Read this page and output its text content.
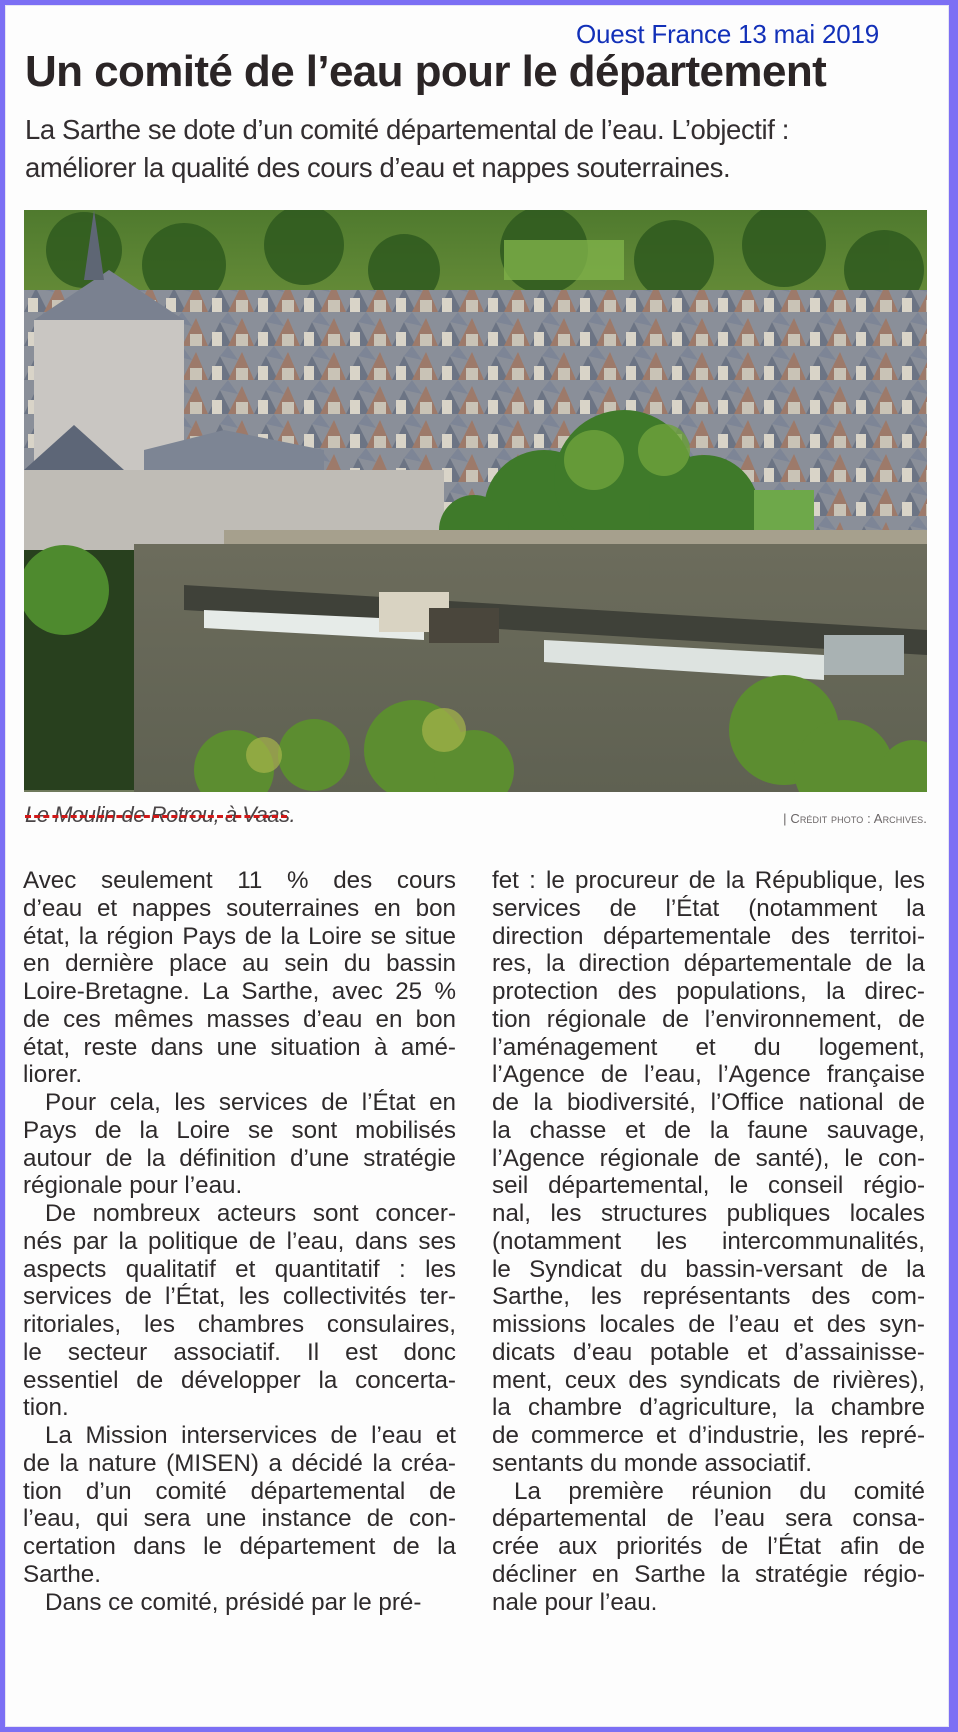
Ouest France 13 mai 2019
Un comité de l’eau pour le département
La Sarthe se dote d’un comité départemental de l’eau. L’objectif :
améliorer la qualité des cours d’eau et nappes souterraines.
Le Moulin de Rotrou, à Vaas.	| Crédit photo : Archives.
Avec seulement 11 % des cours
d’eau et nappes souterraines en bon
état, la région Pays de la Loire se situe
en dernière place au sein du bassin
Loire-Bretagne. La Sarthe, avec 25 %
de ces mêmes masses d’eau en bon
état, reste dans une situation à amé-
liorer.
Pour cela, les services de l’État en
Pays de la Loire se sont mobilisés
autour de la définition d’une stratégie
régionale pour l’eau.
De nombreux acteurs sont concer-
nés par la politique de l’eau, dans ses
aspects qualitatif et quantitatif : les
services de l’État, les collectivités ter-
ritoriales, les chambres consulaires,
le secteur associatif. Il est donc
essentiel de développer la concerta-
tion.
La Mission interservices de l’eau et
de la nature (MISEN) a décidé la créa-
tion d’un comité départemental de
l’eau, qui sera une instance de con-
certation dans le département de la
Sarthe.
Dans ce comité, présidé par le pré-
fet : le procureur de la République, les
services de l’État (notamment la
direction départementale des territoi-
res, la direction départementale de la
protection des populations, la direc-
tion régionale de l’environnement, de
l’aménagement et du logement,
l’Agence de l’eau, l’Agence française
de la biodiversité, l’Office national de
la chasse et de la faune sauvage,
l’Agence régionale de santé), le con-
seil départemental, le conseil régio-
nal, les structures publiques locales
(notamment les intercommunalités,
le Syndicat du bassin-versant de la
Sarthe, les représentants des com-
missions locales de l’eau et des syn-
dicats d’eau potable et d’assainisse-
ment, ceux des syndicats de rivières),
la chambre d’agriculture, la chambre
de commerce et d’industrie, les repré-
sentants du monde associatif.
La première réunion du comité
départemental de l’eau sera consa-
crée aux priorités de l’État afin de
décliner en Sarthe la stratégie régio-
nale pour l’eau.
